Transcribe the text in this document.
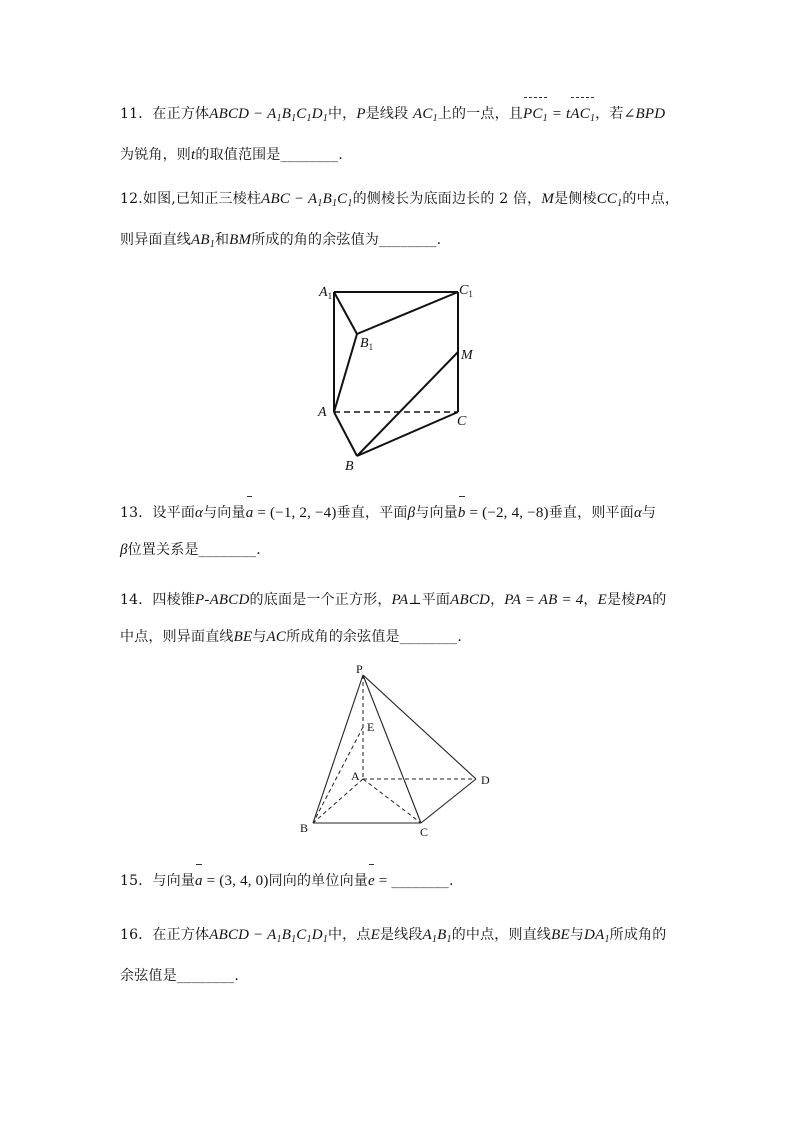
11．在正方体ABCD − $A_1B_1C_1D_1$中，P是线段 $AC_1$上的一点，且$PC_1 = tAC_1$，若∠BPD
为锐角，则t的取值范围是________.
12.如图,已知正三棱柱ABC − $A_1B_1C_1$的侧棱长为底面边长的 2 倍，M是侧棱$CC_1$的中点，
则异面直线$AB_1$和BM所成的角的余弦值为________.
$A_1$	$C_1$
$B_1$
M
A
C
B
13．设平面α与向量a = (−1, 2, −4)垂直，平面β与向量b = (−2, 4, −8)垂直，则平面α与
β位置关系是________.
14．四棱锥P-ABCD的底面是一个正方形，PA⊥平面ABCD，PA = AB = 4，E是棱PA的
中点，则异面直线BE与AC所成角的余弦值是________.
P
E
A	D
B	C
15．与向量a = (3, 4, 0)同向的单位向量e = ________.
16．在正方体ABCD − $A_1B_1C_1D_1$中，点E是线段$A_1B_1$的中点，则直线BE与$DA_1$所成角的
余弦值是________.
